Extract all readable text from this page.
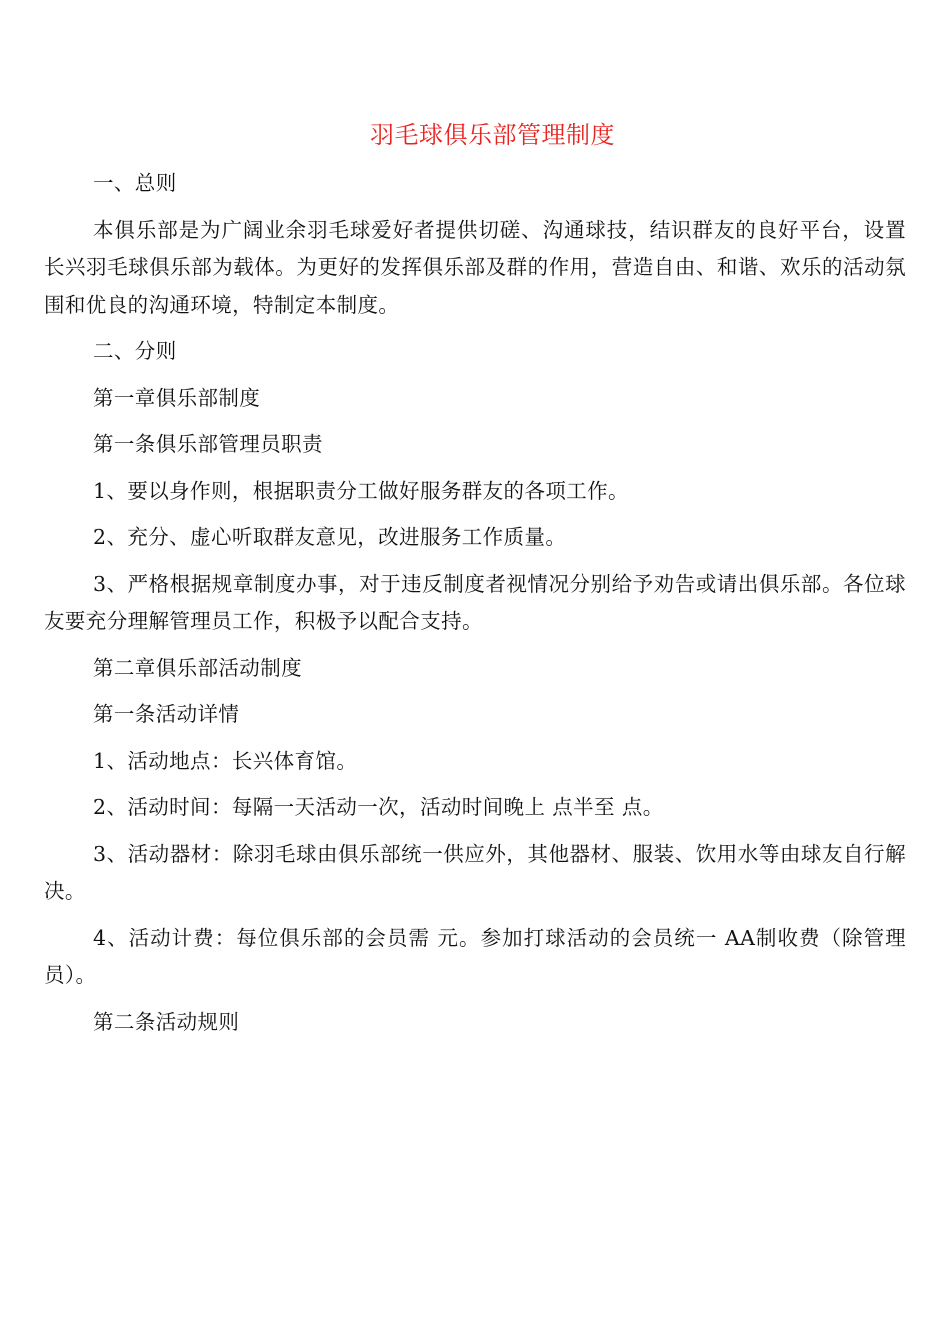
羽毛球俱乐部管理制度

一、总则

本俱乐部是为广阔业余羽毛球爱好者提供切磋、沟通球技，结识群友的良好平台，设置长兴羽毛球俱乐部为载体。为更好的发挥俱乐部及群的作用，营造自由、和谐、欢乐的活动氛围和优良的沟通环境，特制定本制度。

二、分则

第一章俱乐部制度

第一条俱乐部管理员职责

1、要以身作则，根据职责分工做好服务群友的各项工作。

2、充分、虚心听取群友意见，改进服务工作质量。

3、严格根据规章制度办事，对于违反制度者视情况分别给予劝告或请出俱乐部。各位球友要充分理解管理员工作，积极予以配合支持。

第二章俱乐部活动制度

第一条活动详情

1、活动地点：长兴体育馆。

2、活动时间：每隔一天活动一次，活动时间晚上 点半至 点。

3、活动器材：除羽毛球由俱乐部统一供应外，其他器材、服装、饮用水等由球友自行解决。

4、活动计费：每位俱乐部的会员需 元。参加打球活动的会员统一 AA制收费（除管理员）。

第二条活动规则
